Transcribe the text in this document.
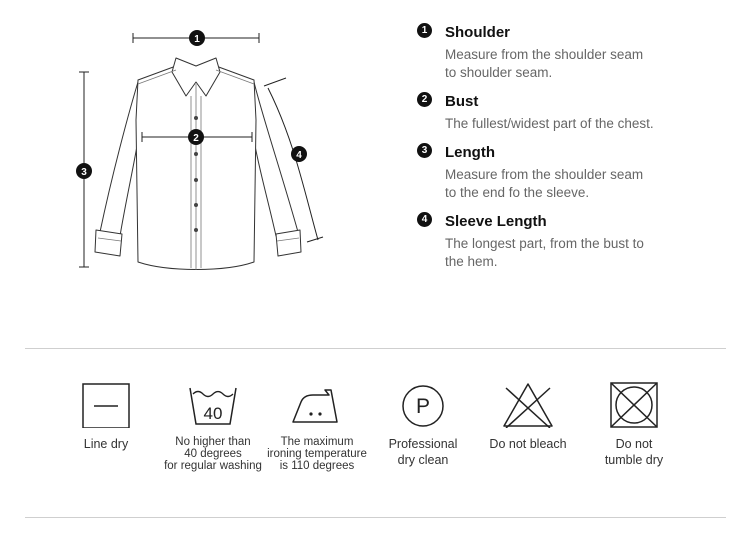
1
2
3
4
1	Shoulder
Measure from the shoulder seam
to shoulder seam.
2	Bust
The fullest/widest part of the chest.
3	Length
Measure from the shoulder seam
to the end fo the sleeve.
4	Sleeve Length
The longest part, from the bust to
the hem.
Line dry
40
No higher than
40 degrees
for regular washing
The maximum
ironing temperature
is 110 degrees
P
Professional
dry clean
Do not bleach	Do not
tumble dry
